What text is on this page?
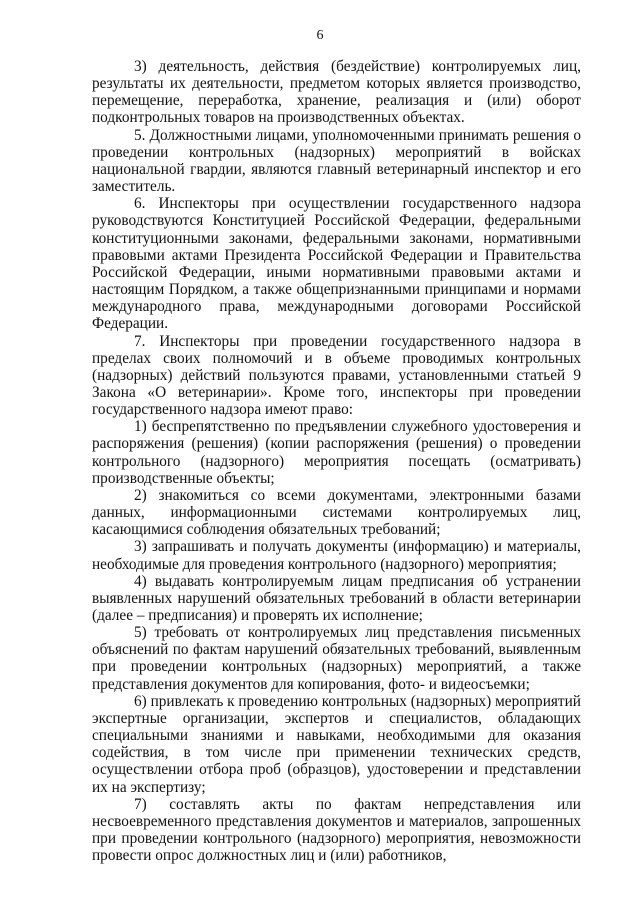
6

3) деятельность, действия (бездействие) контролируемых лиц, результаты их деятельности, предметом которых является производство, перемещение, переработка, хранение, реализация и (или) оборот подконтрольных товаров на производственных объектах.

5. Должностными лицами, уполномоченными принимать решения о проведении контрольных (надзорных) мероприятий в войсках национальной гвардии, являются главный ветеринарный инспектор и его заместитель.

6. Инспекторы при осуществлении государственного надзора руководствуются Конституцией Российской Федерации, федеральными конституционными законами, федеральными законами, нормативными правовыми актами Президента Российской Федерации и Правительства Российской Федерации, иными нормативными правовыми актами и настоящим Порядком, а также общепризнанными принципами и нормами международного права, международными договорами Российской Федерации.

7. Инспекторы при проведении государственного надзора в пределах своих полномочий и в объеме проводимых контрольных (надзорных) действий пользуются правами, установленными статьей 9 Закона «О ветеринарии». Кроме того, инспекторы при проведении государственного надзора имеют право:

1) беспрепятственно по предъявлении служебного удостоверения и распоряжения (решения) (копии распоряжения (решения) о проведении контрольного (надзорного) мероприятия посещать (осматривать) производственные объекты;

2) знакомиться со всеми документами, электронными базами данных, информационными системами контролируемых лиц, касающимися соблюдения обязательных требований;

3) запрашивать и получать документы (информацию) и материалы, необходимые для проведения контрольного (надзорного) мероприятия;

4) выдавать контролируемым лицам предписания об устранении выявленных нарушений обязательных требований в области ветеринарии (далее – предписания) и проверять их исполнение;

5) требовать от контролируемых лиц представления письменных объяснений по фактам нарушений обязательных требований, выявленным при проведении контрольных (надзорных) мероприятий, а также представления документов для копирования, фото- и видеосъемки;

6) привлекать к проведению контрольных (надзорных) мероприятий экспертные организации, экспертов и специалистов, обладающих специальными знаниями и навыками, необходимыми для оказания содействия, в том числе при применении технических средств, осуществлении отбора проб (образцов), удостоверении и представлении их на экспертизу;

7) составлять акты по фактам непредставления или несвоевременного представления документов и материалов, запрошенных при проведении контрольного (надзорного) мероприятия, невозможности провести опрос должностных лиц и (или) работников,
